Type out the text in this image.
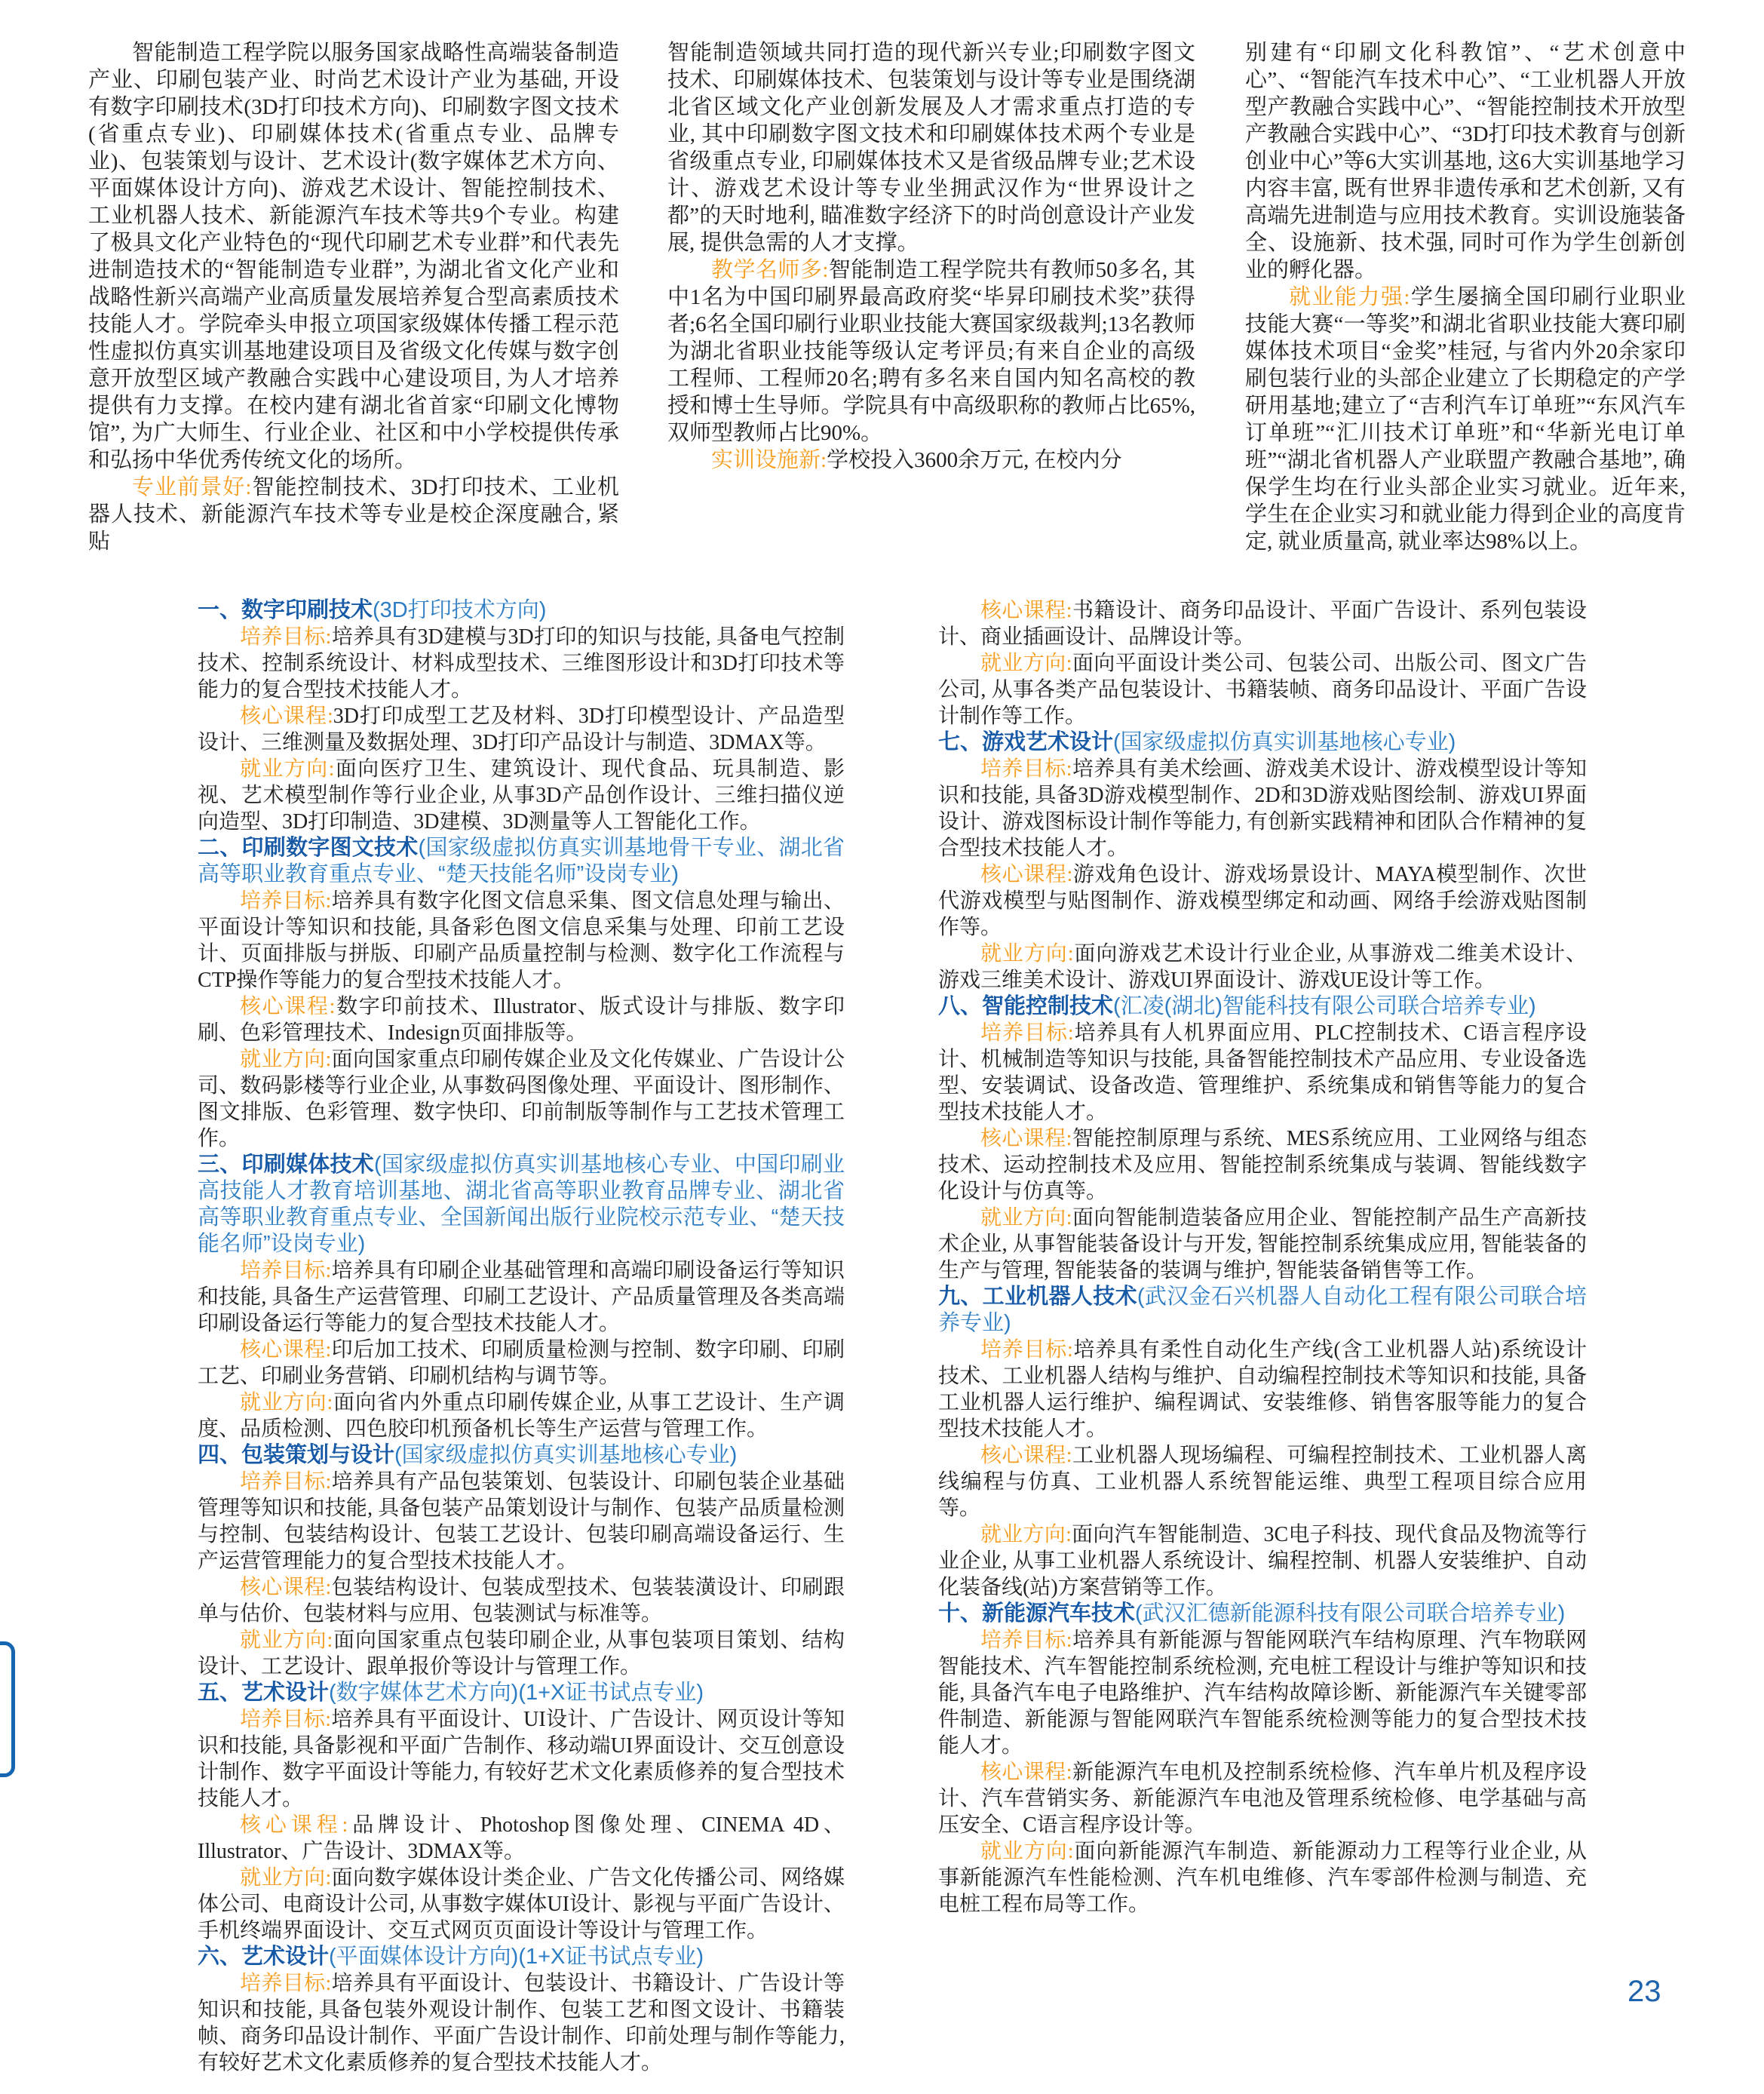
智能制造工程学院以服务国家战略性高端装备制造产业、印刷包装产业、时尚艺术设计产业为基础, 开设有数字印刷技术(3D打印技术方向)、印刷数字图文技术(省重点专业)、印刷媒体技术(省重点专业、品牌专业)、包装策划与设计、艺术设计(数字媒体艺术方向、平面媒体设计方向)、游戏艺术设计、智能控制技术、工业机器人技术、新能源汽车技术等共9个专业。构建了极具文化产业特色的“现代印刷艺术专业群”和代表先进制造技术的“智能制造专业群”, 为湖北省文化产业和战略性新兴高端产业高质量发展培养复合型高素质技术技能人才。学院牵头申报立项国家级媒体传播工程示范性虚拟仿真实训基地建设项目及省级文化传媒与数字创意开放型区域产教融合实践中心建设项目, 为人才培养提供有力支撑。在校内建有湖北省首家“印刷文化博物馆”, 为广大师生、行业企业、社区和中小学校提供传承和弘扬中华优秀传统文化的场所。

专业前景好:智能控制技术、3D打印技术、工业机器人技术、新能源汽车技术等专业是校企深度融合, 紧贴

智能制造领域共同打造的现代新兴专业;印刷数字图文技术、印刷媒体技术、包装策划与设计等专业是围绕湖北省区域文化产业创新发展及人才需求重点打造的专业, 其中印刷数字图文技术和印刷媒体技术两个专业是省级重点专业, 印刷媒体技术又是省级品牌专业;艺术设计、游戏艺术设计等专业坐拥武汉作为“世界设计之都”的天时地利, 瞄准数字经济下的时尚创意设计产业发展, 提供急需的人才支撑。

教学名师多:智能制造工程学院共有教师50多名, 其中1名为中国印刷界最高政府奖“毕昇印刷技术奖”获得者;6名全国印刷行业职业技能大赛国家级裁判;13名教师为湖北省职业技能等级认定考评员;有来自企业的高级工程师、工程师20名;聘有多名来自国内知名高校的教授和博士生导师。学院具有中高级职称的教师占比65%, 双师型教师占比90%。

实训设施新:学校投入3600余万元, 在校内分

别建有“印刷文化科教馆”、“艺术创意中心”、“智能汽车技术中心”、“工业机器人开放型产教融合实践中心”、“智能控制技术开放型产教融合实践中心”、“3D打印技术教育与创新创业中心”等6大实训基地, 这6大实训基地学习内容丰富, 既有世界非遗传承和艺术创新, 又有高端先进制造与应用技术教育。实训设施装备全、设施新、技术强, 同时可作为学生创新创业的孵化器。

就业能力强:学生屡摘全国印刷行业职业技能大赛“一等奖”和湖北省职业技能大赛印刷媒体技术项目“金奖”桂冠, 与省内外20余家印刷包装行业的头部企业建立了长期稳定的产学研用基地;建立了“吉利汽车订单班”“东风汽车订单班”“汇川技术订单班”和“华新光电订单班”“湖北省机器人产业联盟产教融合基地”, 确保学生均在行业头部企业实习就业。近年来, 学生在企业实习和就业能力得到企业的高度肯定, 就业质量高, 就业率达98%以上。

一、数字印刷技术(3D打印技术方向)

培养目标:培养具有3D建模与3D打印的知识与技能, 具备电气控制技术、控制系统设计、材料成型技术、三维图形设计和3D打印技术等能力的复合型技术技能人才。

核心课程:3D打印成型工艺及材料、3D打印模型设计、产品造型设计、三维测量及数据处理、3D打印产品设计与制造、3DMAX等。

就业方向:面向医疗卫生、建筑设计、现代食品、玩具制造、影视、艺术模型制作等行业企业, 从事3D产品创作设计、三维扫描仪逆向造型、3D打印制造、3D建模、3D测量等人工智能化工作。

二、印刷数字图文技术(国家级虚拟仿真实训基地骨干专业、湖北省高等职业教育重点专业、“楚天技能名师”设岗专业)

培养目标:培养具有数字化图文信息采集、图文信息处理与输出、平面设计等知识和技能, 具备彩色图文信息采集与处理、印前工艺设计、页面排版与拼版、印刷产品质量控制与检测、数字化工作流程与CTP操作等能力的复合型技术技能人才。

核心课程:数字印前技术、Illustrator、版式设计与排版、数字印刷、色彩管理技术、Indesign页面排版等。

就业方向:面向国家重点印刷传媒企业及文化传媒业、广告设计公司、数码影楼等行业企业, 从事数码图像处理、平面设计、图形制作、图文排版、色彩管理、数字快印、印前制版等制作与工艺技术管理工作。

三、印刷媒体技术(国家级虚拟仿真实训基地核心专业、中国印刷业高技能人才教育培训基地、湖北省高等职业教育品牌专业、湖北省高等职业教育重点专业、全国新闻出版行业院校示范专业、“楚天技能名师”设岗专业)

培养目标:培养具有印刷企业基础管理和高端印刷设备运行等知识和技能, 具备生产运营管理、印刷工艺设计、产品质量管理及各类高端印刷设备运行等能力的复合型技术技能人才。

核心课程:印后加工技术、印刷质量检测与控制、数字印刷、印刷工艺、印刷业务营销、印刷机结构与调节等。

就业方向:面向省内外重点印刷传媒企业, 从事工艺设计、生产调度、品质检测、四色胶印机预备机长等生产运营与管理工作。

四、包装策划与设计(国家级虚拟仿真实训基地核心专业)

培养目标:培养具有产品包装策划、包装设计、印刷包装企业基础管理等知识和技能, 具备包装产品策划设计与制作、包装产品质量检测与控制、包装结构设计、包装工艺设计、包装印刷高端设备运行、生产运营管理能力的复合型技术技能人才。

核心课程:包装结构设计、包装成型技术、包装装潢设计、印刷跟单与估价、包装材料与应用、包装测试与标准等。

就业方向:面向国家重点包装印刷企业, 从事包装项目策划、结构设计、工艺设计、跟单报价等设计与管理工作。

五、艺术设计(数字媒体艺术方向)(1+X证书试点专业)

培养目标:培养具有平面设计、UI设计、广告设计、网页设计等知识和技能, 具备影视和平面广告制作、移动端UI界面设计、交互创意设计制作、数字平面设计等能力, 有较好艺术文化素质修养的复合型技术技能人才。

核心课程:品牌设计、Photoshop图像处理、CINEMA 4D、Illustrator、广告设计、3DMAX等。

就业方向:面向数字媒体设计类企业、广告文化传播公司、网络媒体公司、电商设计公司, 从事数字媒体UI设计、影视与平面广告设计、手机终端界面设计、交互式网页页面设计等设计与管理工作。

六、艺术设计(平面媒体设计方向)(1+X证书试点专业)

培养目标:培养具有平面设计、包装设计、书籍设计、广告设计等知识和技能, 具备包装外观设计制作、包装工艺和图文设计、书籍装帧、商务印品设计制作、平面广告设计制作、印前处理与制作等能力, 有较好艺术文化素质修养的复合型技术技能人才。

核心课程:书籍设计、商务印品设计、平面广告设计、系列包装设计、商业插画设计、品牌设计等。

就业方向:面向平面设计类公司、包装公司、出版公司、图文广告公司, 从事各类产品包装设计、书籍装帧、商务印品设计、平面广告设计制作等工作。

七、游戏艺术设计(国家级虚拟仿真实训基地核心专业)

培养目标:培养具有美术绘画、游戏美术设计、游戏模型设计等知识和技能, 具备3D游戏模型制作、2D和3D游戏贴图绘制、游戏UI界面设计、游戏图标设计制作等能力, 有创新实践精神和团队合作精神的复合型技术技能人才。

核心课程:游戏角色设计、游戏场景设计、MAYA模型制作、次世代游戏模型与贴图制作、游戏模型绑定和动画、网络手绘游戏贴图制作等。

就业方向:面向游戏艺术设计行业企业, 从事游戏二维美术设计、游戏三维美术设计、游戏UI界面设计、游戏UE设计等工作。

八、智能控制技术(汇凌(湖北)智能科技有限公司联合培养专业)

培养目标:培养具有人机界面应用、PLC控制技术、C语言程序设计、机械制造等知识与技能, 具备智能控制技术产品应用、专业设备选型、安装调试、设备改造、管理维护、系统集成和销售等能力的复合型技术技能人才。

核心课程:智能控制原理与系统、MES系统应用、工业网络与组态技术、运动控制技术及应用、智能控制系统集成与装调、智能线数字化设计与仿真等。

就业方向:面向智能制造装备应用企业、智能控制产品生产高新技术企业, 从事智能装备设计与开发, 智能控制系统集成应用, 智能装备的生产与管理, 智能装备的装调与维护, 智能装备销售等工作。

九、工业机器人技术(武汉金石兴机器人自动化工程有限公司联合培养专业)

培养目标:培养具有柔性自动化生产线(含工业机器人站)系统设计技术、工业机器人结构与维护、自动编程控制技术等知识和技能, 具备工业机器人运行维护、编程调试、安装维修、销售客服等能力的复合型技术技能人才。

核心课程:工业机器人现场编程、可编程控制技术、工业机器人离线编程与仿真、工业机器人系统智能运维、典型工程项目综合应用等。

就业方向:面向汽车智能制造、3C电子科技、现代食品及物流等行业企业, 从事工业机器人系统设计、编程控制、机器人安装维护、自动化装备线(站)方案营销等工作。

十、新能源汽车技术(武汉汇德新能源科技有限公司联合培养专业)

培养目标:培养具有新能源与智能网联汽车结构原理、汽车物联网智能技术、汽车智能控制系统检测, 充电桩工程设计与维护等知识和技能, 具备汽车电子电路维护、汽车结构故障诊断、新能源汽车关键零部件制造、新能源与智能网联汽车智能系统检测等能力的复合型技术技能人才。

核心课程:新能源汽车电机及控制系统检修、汽车单片机及程序设计、汽车营销实务、新能源汽车电池及管理系统检修、电学基础与高压安全、C语言程序设计等。

就业方向:面向新能源汽车制造、新能源动力工程等行业企业, 从事新能源汽车性能检测、汽车机电维修、汽车零部件检测与制造、充电桩工程布局等工作。

23
